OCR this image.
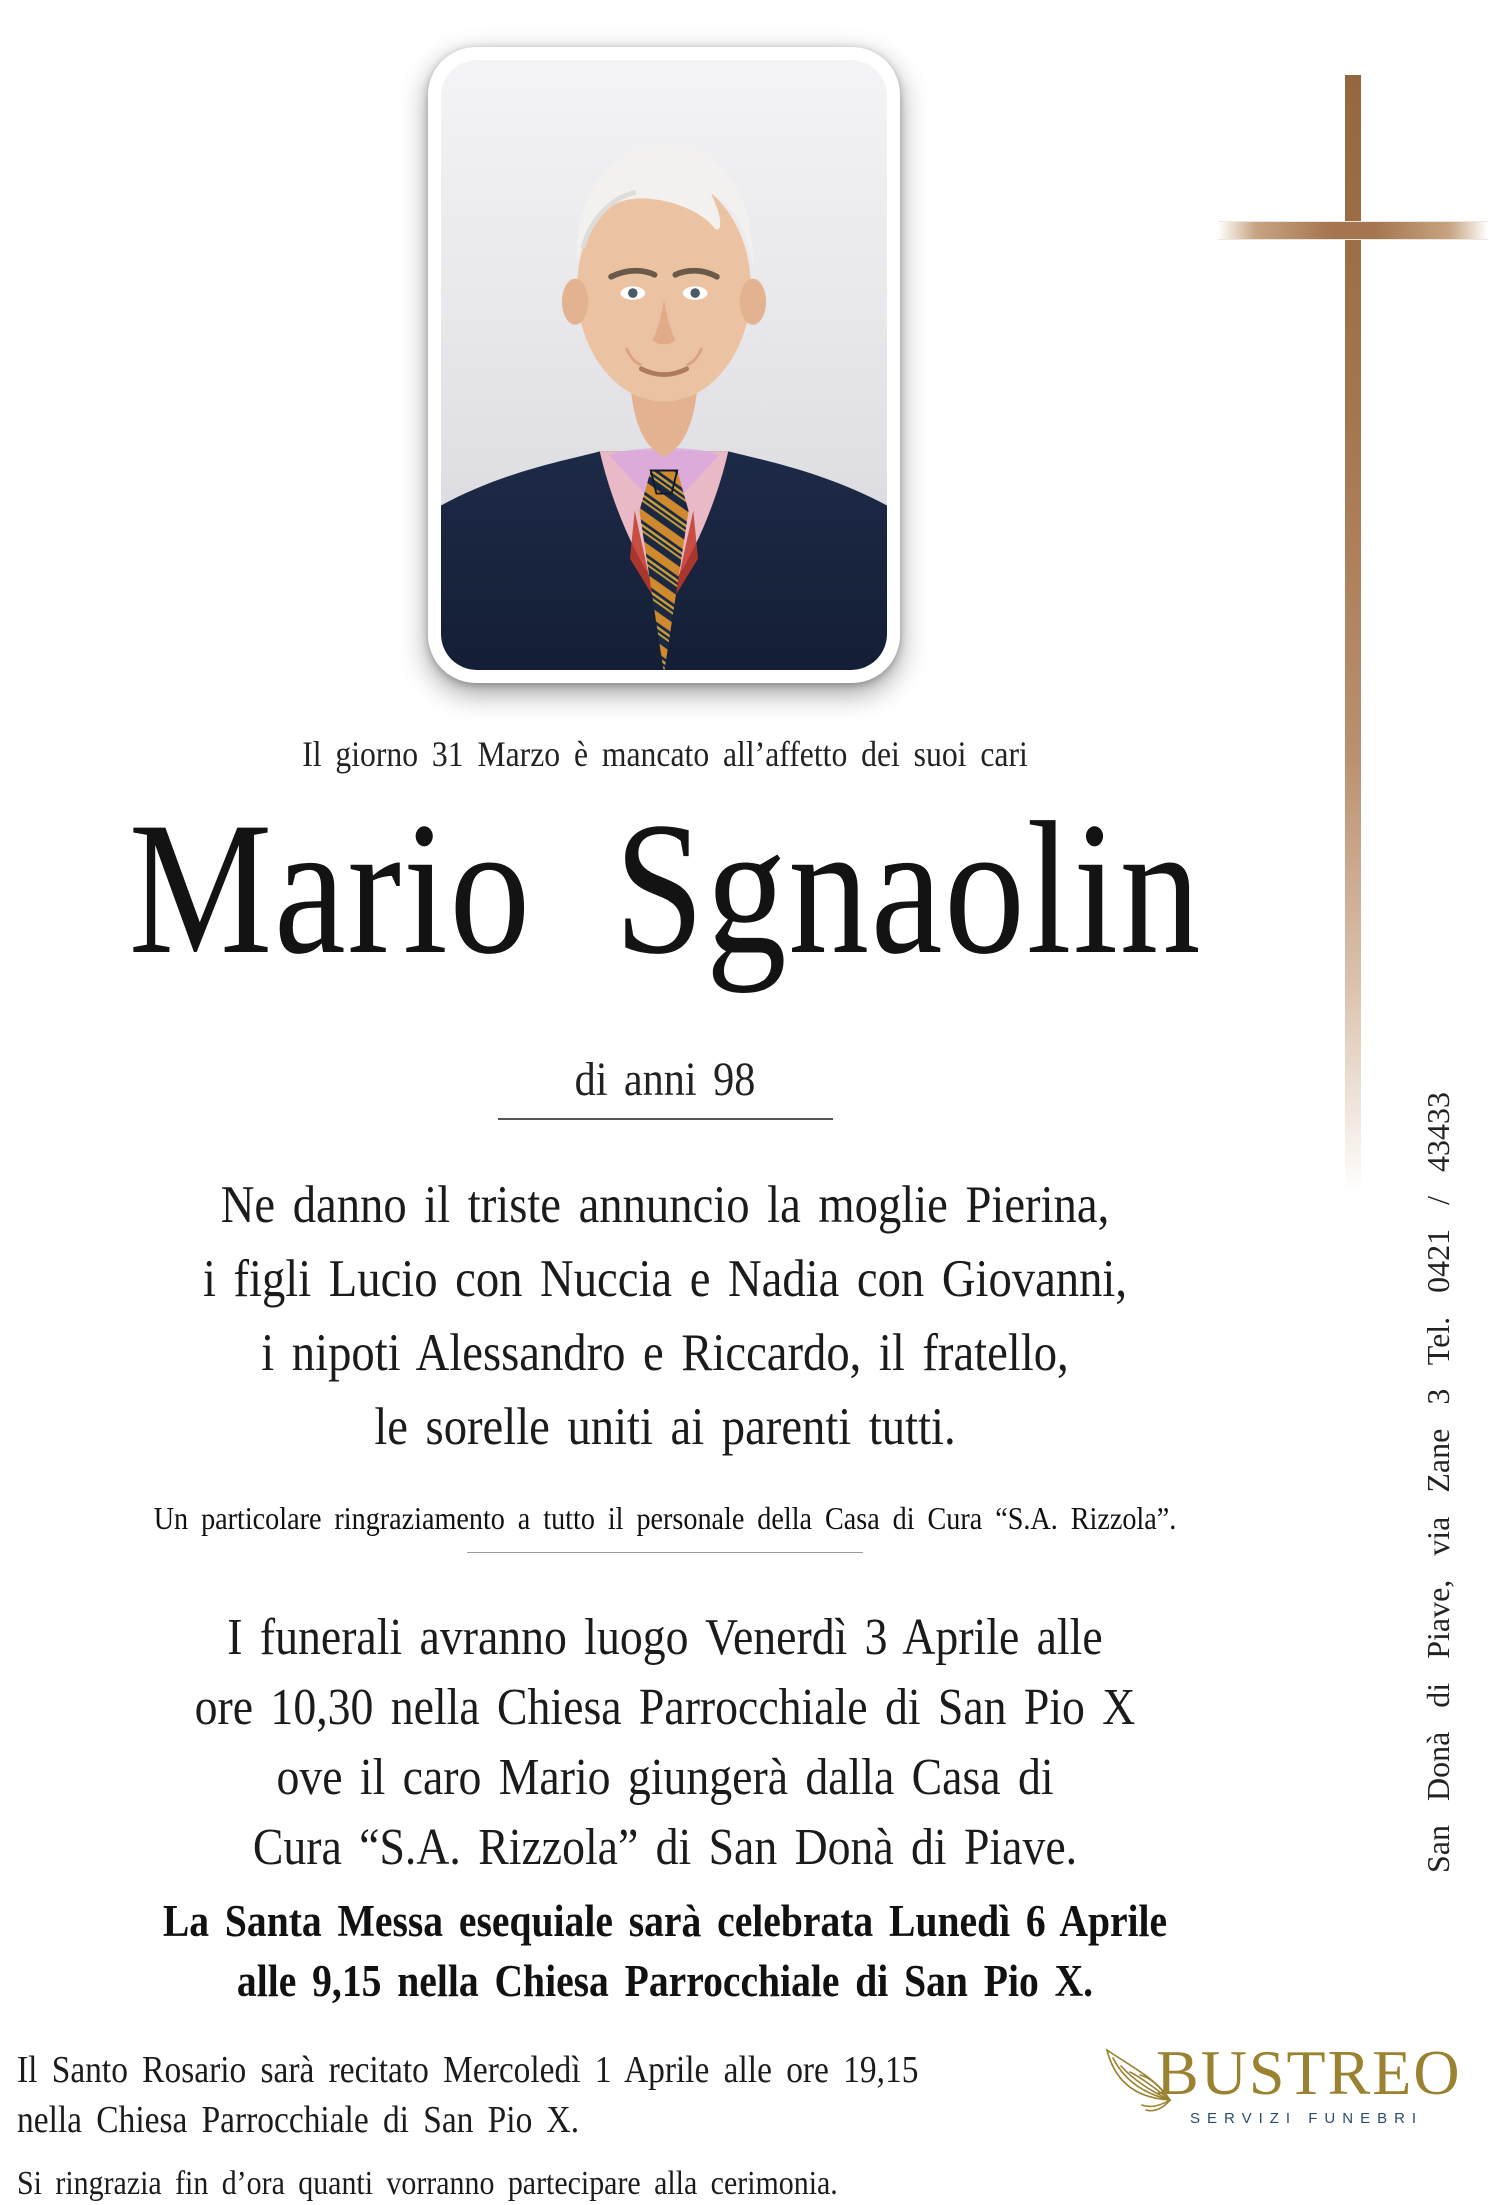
Il giorno 31 Marzo è mancato all’affetto dei suoi cari
Mario Sgnaolin
di anni 98
Ne danno il triste annuncio la moglie Pierina,
i figli Lucio con Nuccia e Nadia con Giovanni,
i nipoti Alessandro e Riccardo, il fratello,
le sorelle uniti ai parenti tutti.
Un particolare ringraziamento a tutto il personale della Casa di Cura “S.A. Rizzola”.
I funerali avranno luogo Venerdì 3 Aprile alle
ore 10,30 nella Chiesa Parrocchiale di San Pio X
ove il caro Mario giungerà dalla Casa di
Cura “S.A. Rizzola” di San Donà di Piave.
La Santa Messa esequiale sarà celebrata Lunedì 6 Aprile
alle 9,15 nella Chiesa Parrocchiale di San Pio X.
Il Santo Rosario sarà recitato Mercoledì 1 Aprile alle ore 19,15
nella Chiesa Parrocchiale di San Pio X.
Si ringrazia fin d’ora quanti vorranno partecipare alla cerimonia.
San Donà di Piave, via Zane 3 Tel. 0421 / 43433
BUSTREO
SERVIZI FUNEBRI
